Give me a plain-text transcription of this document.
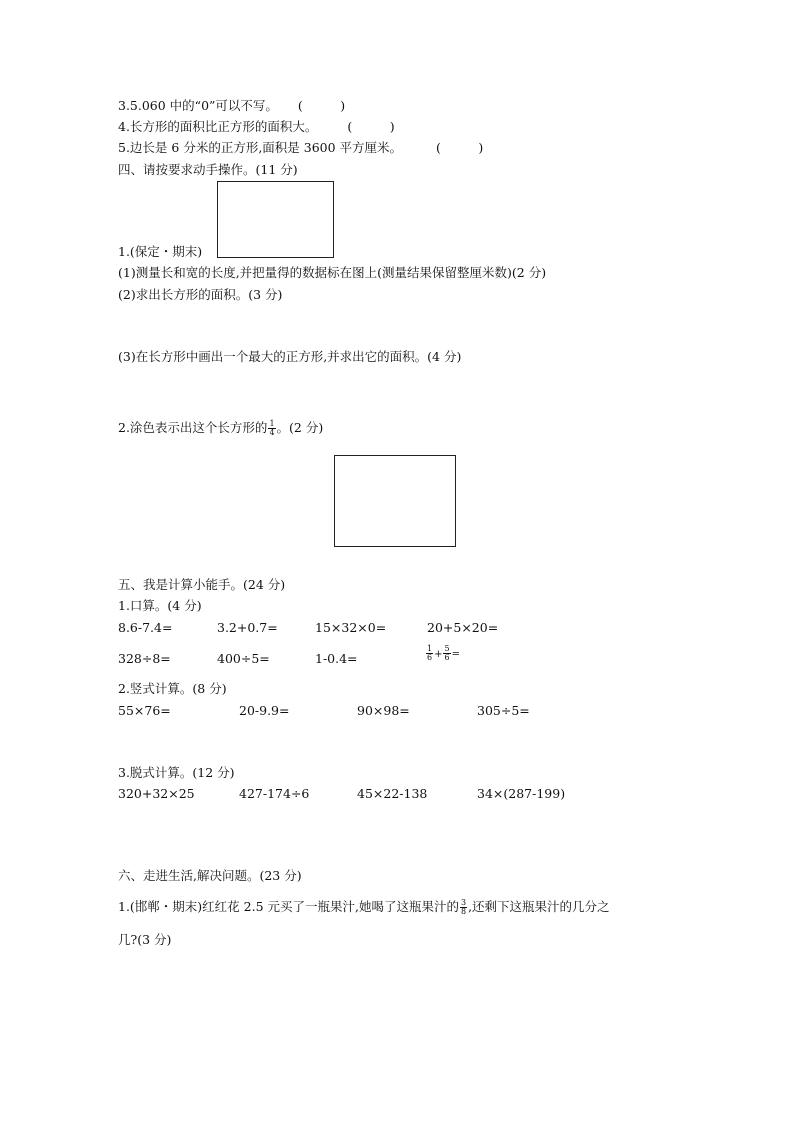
3.5.060 中的“0”可以不写。 (　　　)
4.长方形的面积比正方形的面积大。 (　　　)
5.边长是 6 分米的正方形,面积是 3600 平方厘米。	(　　　)
四、请按要求动手操作。(11 分)
1.(保定・期末)
(1)测量长和宽的长度,并把量得的数据标在图上(测量结果保留整厘米数)(2 分)
(2)求出长方形的面积。(3 分)
(3)在长方形中画出一个最大的正方形,并求出它的面积。(4 分)
2.涂色表示出这个长方形的 $\frac{1}{4}$ 。(2 分)
五、我是计算小能手。(24 分)
1.口算。(4 分)
8.6-7.4=	3.2+0.7=	15×32×0=	20+5×20=
328÷8=	400÷5=	1-0.4=	$\frac{1}{6} + \frac{5}{6}$ =
2.竖式计算。(8 分)
55×76=	20-9.9=	90×98=	305÷5=
3.脱式计算。(12 分)
320+32×25	427-174÷6	45×22-138	34×(287-199)
六、走进生活,解决问题。(23 分)
1.(邯郸・期末)红红花 2.5 元买了一瓶果汁,她喝了这瓶果汁的 $\frac{3}{8}$ ,还剩下这瓶果汁的几分之
几?(3 分)
